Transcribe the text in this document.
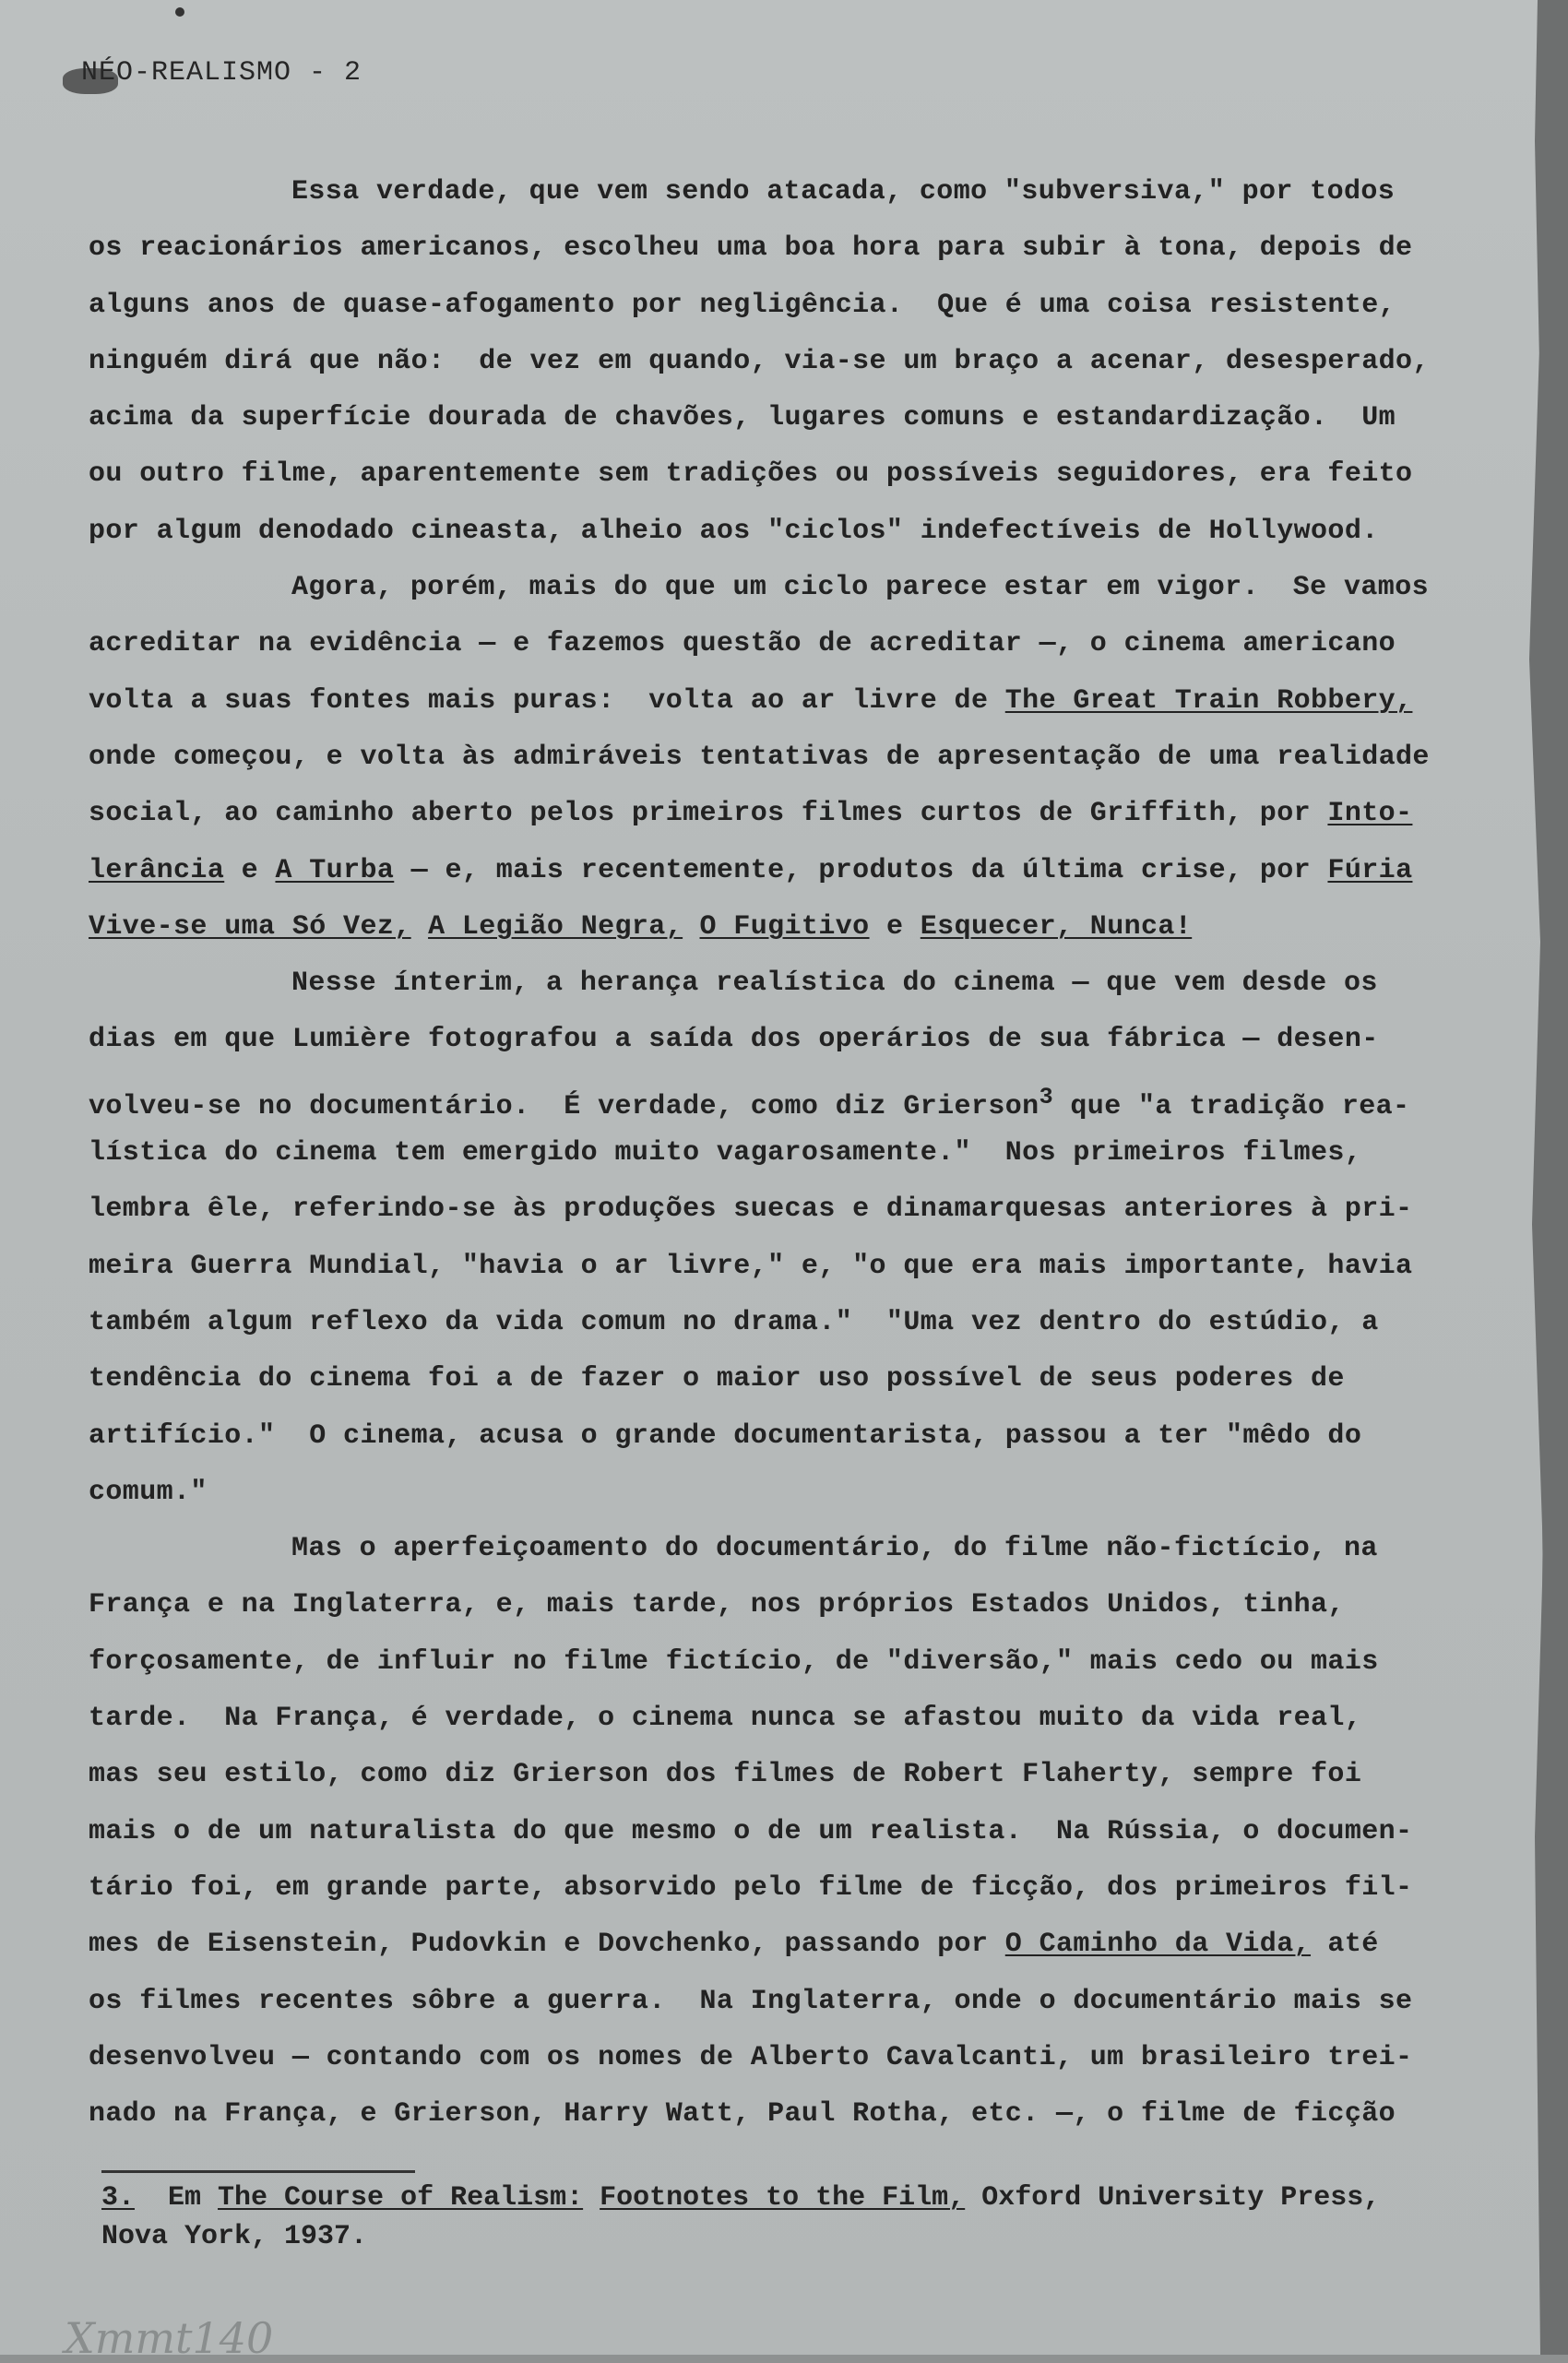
NÉO-REALISMO - 2
Essa verdade, que vem sendo atacada, como "subversiva," por todos
os reacionários americanos, escolheu uma boa hora para subir à tona, depois de
alguns anos de quase-afogamento por negligência.  Que é uma coisa resistente,
ninguém dirá que não:  de vez em quando, via-se um braço a acenar, desesperado,
acima da superfície dourada de chavões, lugares comuns e estandardização.  Um
ou outro filme, aparentemente sem tradições ou possíveis seguidores, era feito
por algum denodado cineasta, alheio aos "ciclos" indefectíveis de Hollywood.
Agora, porém, mais do que um ciclo parece estar em vigor.  Se vamos
acreditar na evidência — e fazemos questão de acreditar —, o cinema americano
volta a suas fontes mais puras:  volta ao ar livre de The Great Train Robbery,
onde começou, e volta às admiráveis tentativas de apresentação de uma realidade
social, ao caminho aberto pelos primeiros filmes curtos de Griffith, por Into-
lerância e A Turba — e, mais recentemente, produtos da última crise, por Fúria
Vive-se uma Só Vez, A Legião Negra, O Fugitivo e Esquecer, Nunca!
Nesse ínterim, a herança realística do cinema — que vem desde os
dias em que Lumière fotografou a saída dos operários de sua fábrica — desen-
volveu-se no documentário.  É verdade, como diz Grierson$^3$ que "a tradição rea-
lística do cinema tem emergido muito vagarosamente."  Nos primeiros filmes,
lembra êle, referindo-se às produções suecas e dinamarquesas anteriores à pri-
meira Guerra Mundial, "havia o ar livre," e, "o que era mais importante, havia
também algum reflexo da vida comum no drama."  "Uma vez dentro do estúdio, a
tendência do cinema foi a de fazer o maior uso possível de seus poderes de
artifício."  O cinema, acusa o grande documentarista, passou a ter "mêdo do
comum."
Mas o aperfeiçoamento do documentário, do filme não-fictício, na
França e na Inglaterra, e, mais tarde, nos próprios Estados Unidos, tinha,
forçosamente, de influir no filme fictício, de "diversão," mais cedo ou mais
tarde.  Na França, é verdade, o cinema nunca se afastou muito da vida real,
mas seu estilo, como diz Grierson dos filmes de Robert Flaherty, sempre foi
mais o de um naturalista do que mesmo o de um realista.  Na Rússia, o documen-
tário foi, em grande parte, absorvido pelo filme de ficção, dos primeiros fil-
mes de Eisenstein, Pudovkin e Dovchenko, passando por O Caminho da Vida, até
os filmes recentes sôbre a guerra.  Na Inglaterra, onde o documentário mais se
desenvolveu — contando com os nomes de Alberto Cavalcanti, um brasileiro trei-
nado na França, e Grierson, Harry Watt, Paul Rotha, etc. —, o filme de ficção
3.  Em The Course of Realism: Footnotes to the Film, Oxford University Press,
Nova York, 1937.
Xmmt140
